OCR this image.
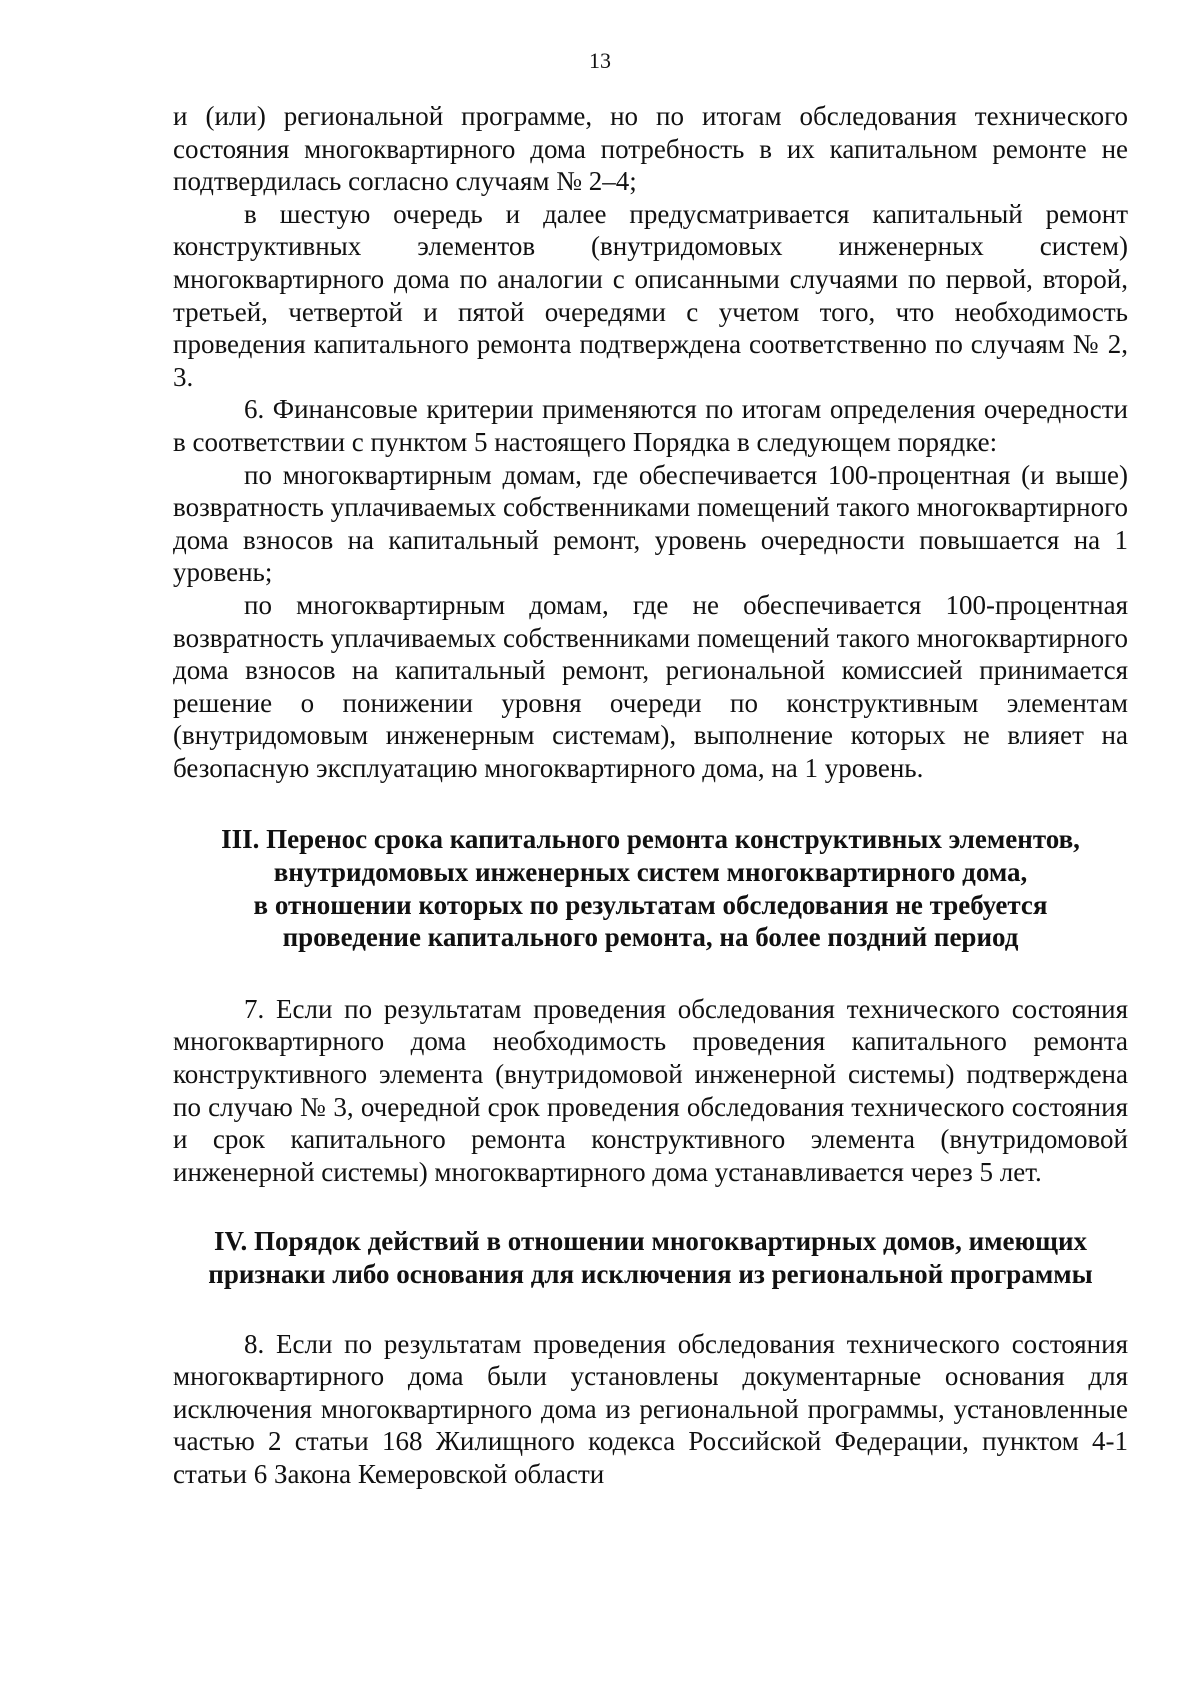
13

и (или) региональной программе, но по итогам обследования технического состояния многоквартирного дома потребность в их капитальном ремонте не подтвердилась согласно случаям № 2–4;

в шестую очередь и далее предусматривается капитальный ремонт конструктивных элементов (внутридомовых инженерных систем) многоквартирного дома по аналогии с описанными случаями по первой, второй, третьей, четвертой и пятой очередями с учетом того, что необходимость проведения капитального ремонта подтверждена соответственно по случаям № 2, 3.

6. Финансовые критерии применяются по итогам определения очередности в соответствии с пунктом 5 настоящего Порядка в следующем порядке:

по многоквартирным домам, где обеспечивается 100-процентная (и выше) возвратность уплачиваемых собственниками помещений такого многоквартирного дома взносов на капитальный ремонт, уровень очередности повышается на 1 уровень;

по многоквартирным домам, где не обеспечивается 100-процентная возвратность уплачиваемых собственниками помещений такого многоквартирного дома взносов на капитальный ремонт, региональной комиссией принимается решение о понижении уровня очереди по конструктивным элементам (внутридомовым инженерным системам), выполнение которых не влияет на безопасную эксплуатацию многоквартирного дома, на 1 уровень.

III. Перенос срока капитального ремонта конструктивных элементов,
внутридомовых инженерных систем многоквартирного дома,
в отношении которых по результатам обследования не требуется
проведение капитального ремонта, на более поздний период

7. Если по результатам проведения обследования технического состояния многоквартирного дома необходимость проведения капитального ремонта конструктивного элемента (внутридомовой инженерной системы) подтверждена по случаю № 3, очередной срок проведения обследования технического состояния и срок капитального ремонта конструктивного элемента (внутридомовой инженерной системы) многоквартирного дома устанавливается через 5 лет.

IV. Порядок действий в отношении многоквартирных домов, имеющих
признаки либо основания для исключения из региональной программы

8. Если по результатам проведения обследования технического состояния многоквартирного дома были установлены документарные основания для исключения многоквартирного дома из региональной программы, установленные частью 2 статьи 168 Жилищного кодекса Российской Федерации, пунктом 4-1 статьи 6 Закона Кемеровской области
